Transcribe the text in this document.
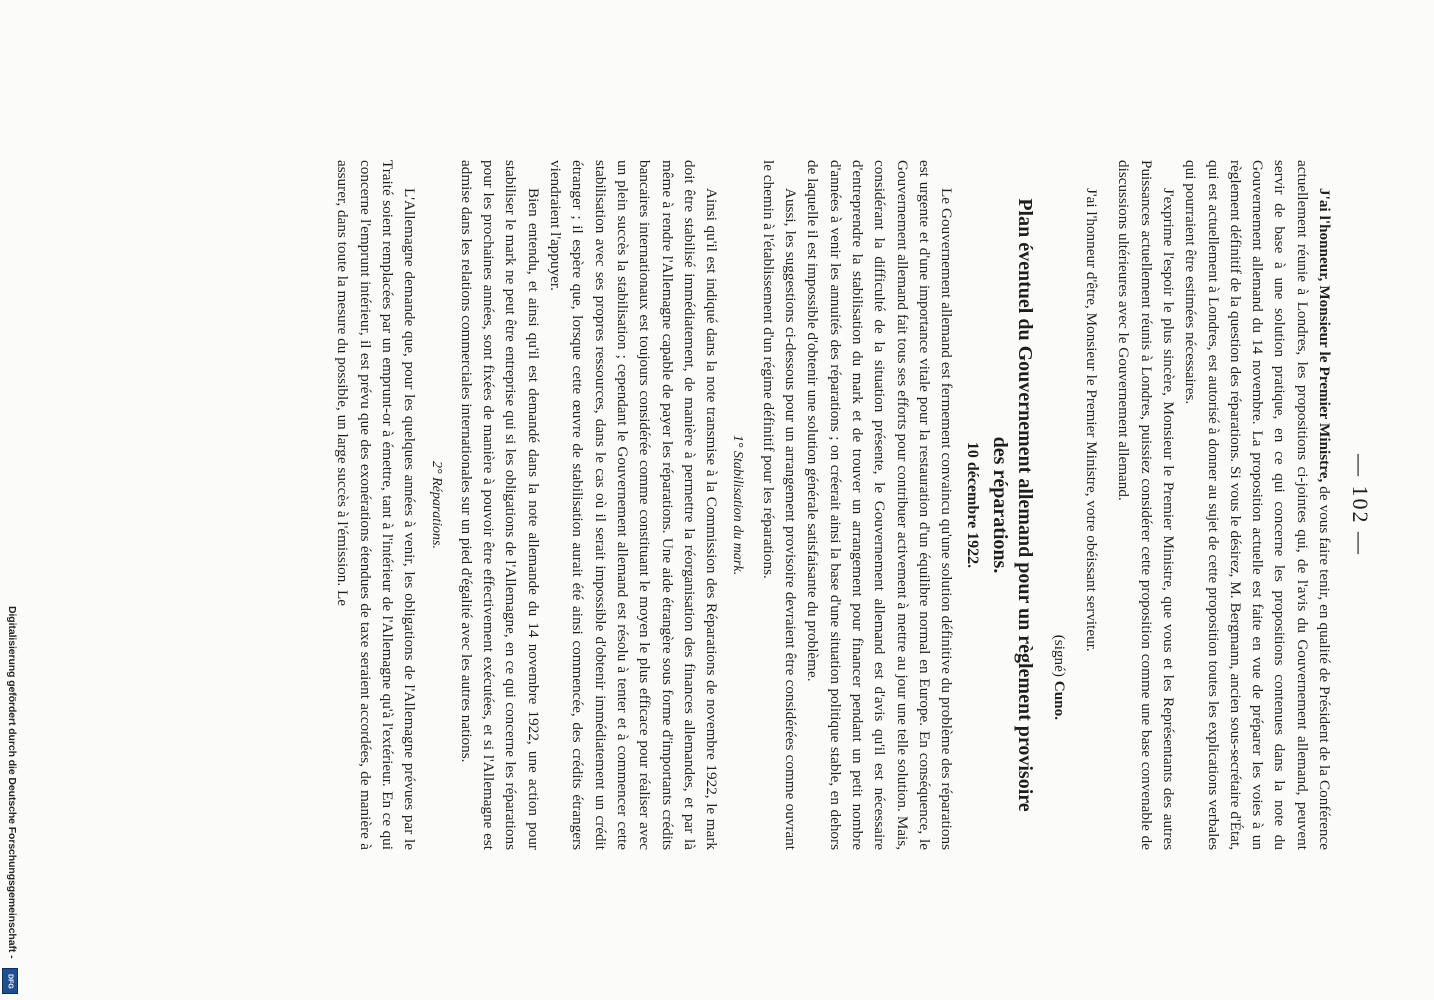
— 102 —

J'ai l'honneur, Monsieur le Premier Ministre, de vous faire tenir, en qualité de Président de la Conférence actuellement réunie à Londres, les propositions ci-jointes qui, de l'avis du Gouvernement allemand, peuvent servir de base à une solution pratique, en ce qui concerne les propositions contenues dans la note du Gouvernement allemand du 14 novembre. La proposition actuelle est faite en vue de préparer les voies à un règlement définitif de la question des réparations. Si vous le désirez, M. Bergmann, ancien sous-secrétaire d'État, qui est actuellement à Londres, est autorisé à donner au sujet de cette proposition toutes les explications verbales qui pourraient être estimées nécessaires.

J'exprime l'espoir le plus sincère, Monsieur le Premier Ministre, que vous et les Représentants des autres Puissances actuellement réunis à Londres, puissiez considérer cette proposition comme une base convenable de discussions ultérieures avec le Gouvernement allemand.

J'ai l'honneur d'être, Monsieur le Premier Ministre, votre obéissant serviteur.

(signé) Cuno.
Plan éventuel du Gouvernement allemand pour un règlement provisoire des réparations.
10 décembre 1922.

Le Gouvernement allemand est fermement convaincu qu'une solution définitive du problème des réparations est urgente et d'une importance vitale pour la restauration d'un équilibre normal en Europe. En conséquence, le Gouvernement allemand fait tous ses efforts pour contribuer activement à mettre au jour une telle solution. Mais, considérant la difficulté de la situation présente, le Gouvernement allemand est d'avis qu'il est nécessaire d'entreprendre la stabilisation du mark et de trouver un arrangement pour financer pendant un petit nombre d'années à venir les annuités des réparations ; on créerait ainsi la base d'une situation politique stable, en dehors de laquelle il est impossible d'obtenir une solution générale satisfaisante du problème.

Aussi, les suggestions ci-dessous pour un arrangement provisoire devraient être considérées comme ouvrant le chemin à l'établissement d'un régime définitif pour les réparations.

1° Stabilisation du mark.

Ainsi qu'il est indiqué dans la note transmise à la Commission des Réparations de novembre 1922, le mark doit être stabilisé immédiatement, de manière à permettre la réorganisation des finances allemandes, et par là même à rendre l'Allemagne capable de payer les réparations. Une aide étrangère sous forme d'importants crédits bancaires internationaux est toujours considérée comme constituant le moyen le plus efficace pour réaliser avec un plein succès la stabilisation ; cependant le Gouvernement allemand est résolu à tenter et à commencer cette stabilisation avec ses propres ressources, dans le cas où il serait impossible d'obtenir immédiatement un crédit étranger ; il espère que, lorsque cette œuvre de stabilisation aurait été ainsi commencée, des crédits étrangers viendraient l'appuyer.

Bien entendu, et ainsi qu'il est demandé dans la note allemande du 14 novembre 1922, une action pour stabiliser le mark ne peut être entreprise qui si les obligations de l'Allemagne, en ce qui concerne les réparations pour les prochaines années, sont fixées de manière à pouvoir être effectivement exécutées, et si l'Allemagne est admise dans les relations commerciales internationales sur un pied d'égalité avec les autres nations.

2° Réparations.

L'Allemagne demande que, pour les quelques années à venir, les obligations de l'Allemagne prévues par le Traité soient remplacées par un emprunt-or à émettre, tant à l'intérieur de l'Allemagne qu'à l'extérieur. En ce qui concerne l'emprunt intérieur, il est prévu que des exonérations étendues de taxe seraient accordées, de manière à assurer, dans toute la mesure du possible, un large succès à l'émission. Le

Digitalisierung gefördert durch die Deutsche Forschungsgemeinschaft -
DFG
